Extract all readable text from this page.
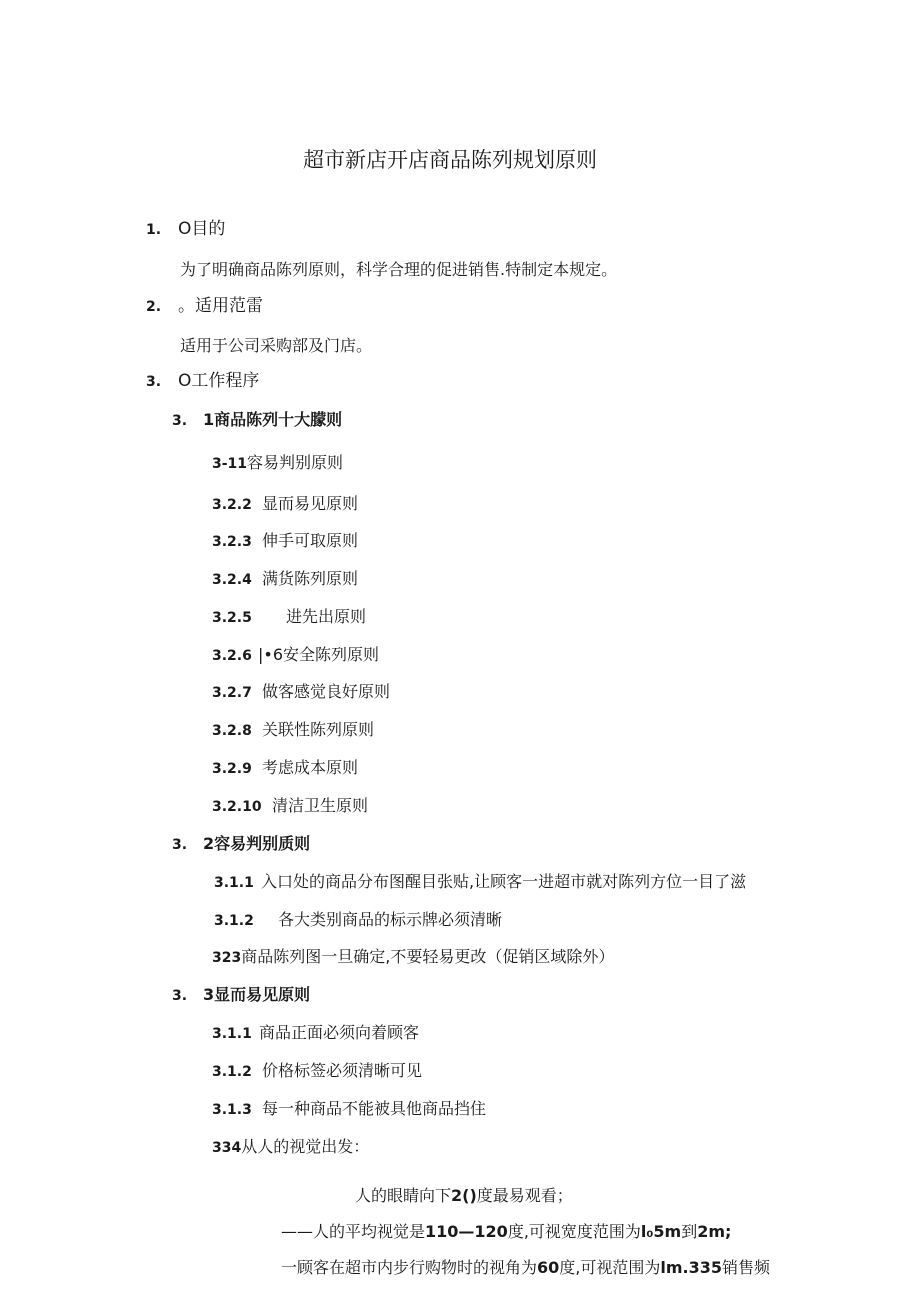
超市新店开店商品陈列规划原则
1. O目的
为了明确商品陈列原则，科学合理的促进销售.特制定本规定。
2. 。适用范雷
适用于公司采购部及门店。
3. O工作程序
3. 1商品陈列十大朦则
3-11容易判别原则
3.2.2 显而易见原则
3.2.3 伸手可取原则
3.2.4 满货陈列原则
3.2.5 进先出原则
3.2.6 |•6安全陈列原则
3.2.7 做客感觉良好原则
3.2.8 关联性陈列原则
3.2.9 考虑成本原则
3.2.10 清洁卫生原则
3. 2容易判别质则
3.1.1 入口处的商品分布图醒目张贴,让顾客一进超市就对陈列方位一目了滋
3.1.2 各大类别商品的标示牌必须清晰
323商品陈列图一旦确定,不要轻易更改（促销区域除外）
3. 3显而易见原则
3.1.1 商品正面必须向着顾客
3.1.2 价格标签必须清晰可见
3.1.3 每一种商品不能被具他商品挡住
334从人的视觉出发：
人的眼睛向下2()度最易观看；
——人的平均视觉是110—120度,可视宽度范围为l₀5m到2m;
一顾客在超市内步行购物时的视角为60度,可视范围为lm.335销售频
